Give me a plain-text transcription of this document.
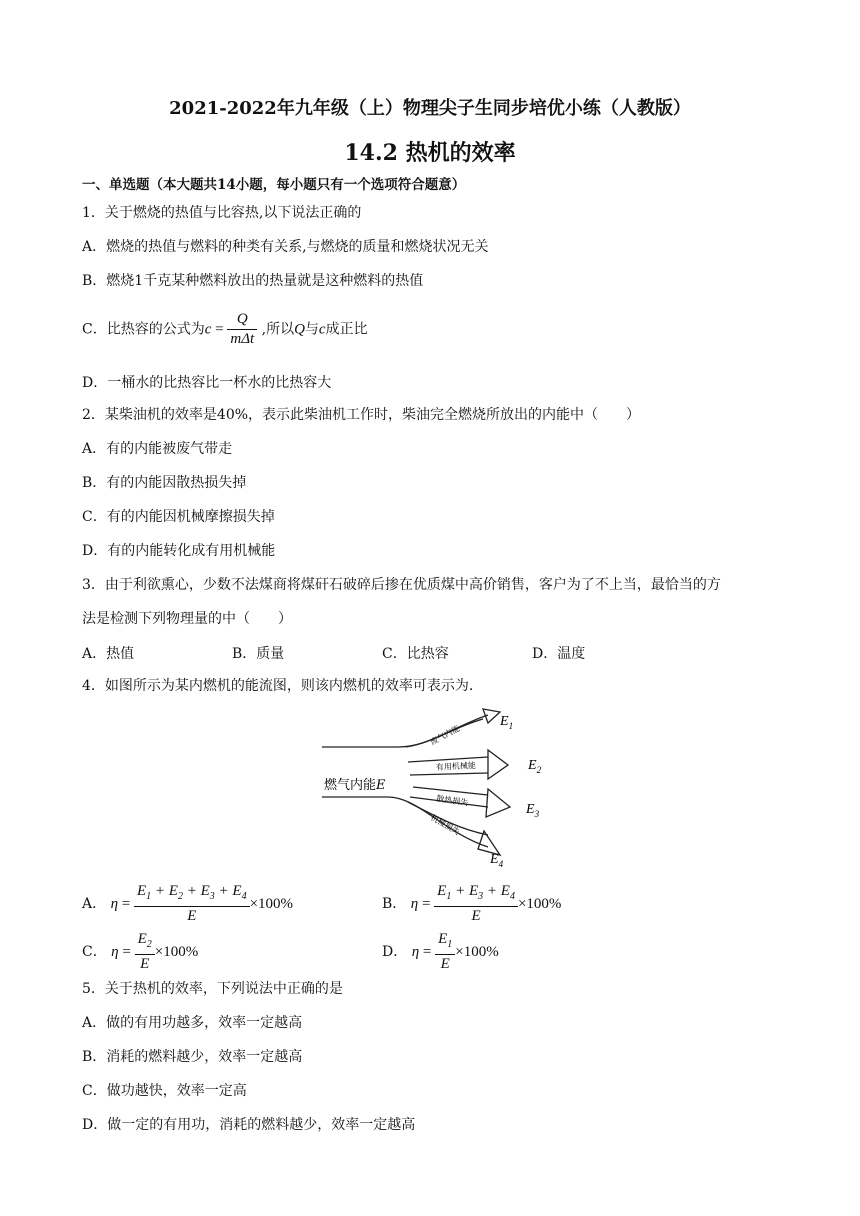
2021-2022年九年级（上）物理尖子生同步培优小练（人教版）
14.2 热机的效率
一、单选题（本大题共14小题，每小题只有一个选项符合题意）
1．关于燃烧的热值与比容热,以下说法正确的
A．燃烧的热值与燃料的种类有关系,与燃烧的质量和燃烧状况无关
B．燃烧1千克某种燃料放出的热量就是这种燃料的热值
C．比热容的公式为$c = \frac{Q}{\text{mΔt}}$ ,所以Q与c成正比
D．一桶水的比热容比一杯水的比热容大
2．某柴油机的效率是40%，表示此柴油机工作时，柴油完全燃烧所放出的内能中（　　）
A．有的内能被废气带走
B．有的内能因散热损失掉
C．有的内能因机械摩擦损失掉
D．有的内能转化成有用机械能
3．由于利欲熏心，少数不法煤商将煤矸石破碎后掺在优质煤中高价销售，客户为了不上当，最恰当的方
法是检测下列物理量的中（　　）
A．热值	B．质量	C．比热容	D．温度
4．如图所示为某内燃机的能流图，则该内燃机的效率可表示为.
废气内能
有用机械能
散热损失
机械损失
燃气内能E
$E_1$
$E_2$
$E_3$
$E_4$
A． $\eta = \frac{E_1 + E_2 + E_3 + E_4}{E} \times 100\%$	B． $\eta = \frac{E_1 + E_3 + E_4}{E} \times 100\%$
C． $\eta = \frac{E_2}{E} \times 100\%$	D． $\eta = \frac{E_1}{E} \times 100\%$
5．关于热机的效率，下列说法中正确的是
A．做的有用功越多，效率一定越高
B．消耗的燃料越少，效率一定越高
C．做功越快，效率一定高
D．做一定的有用功，消耗的燃料越少，效率一定越高
